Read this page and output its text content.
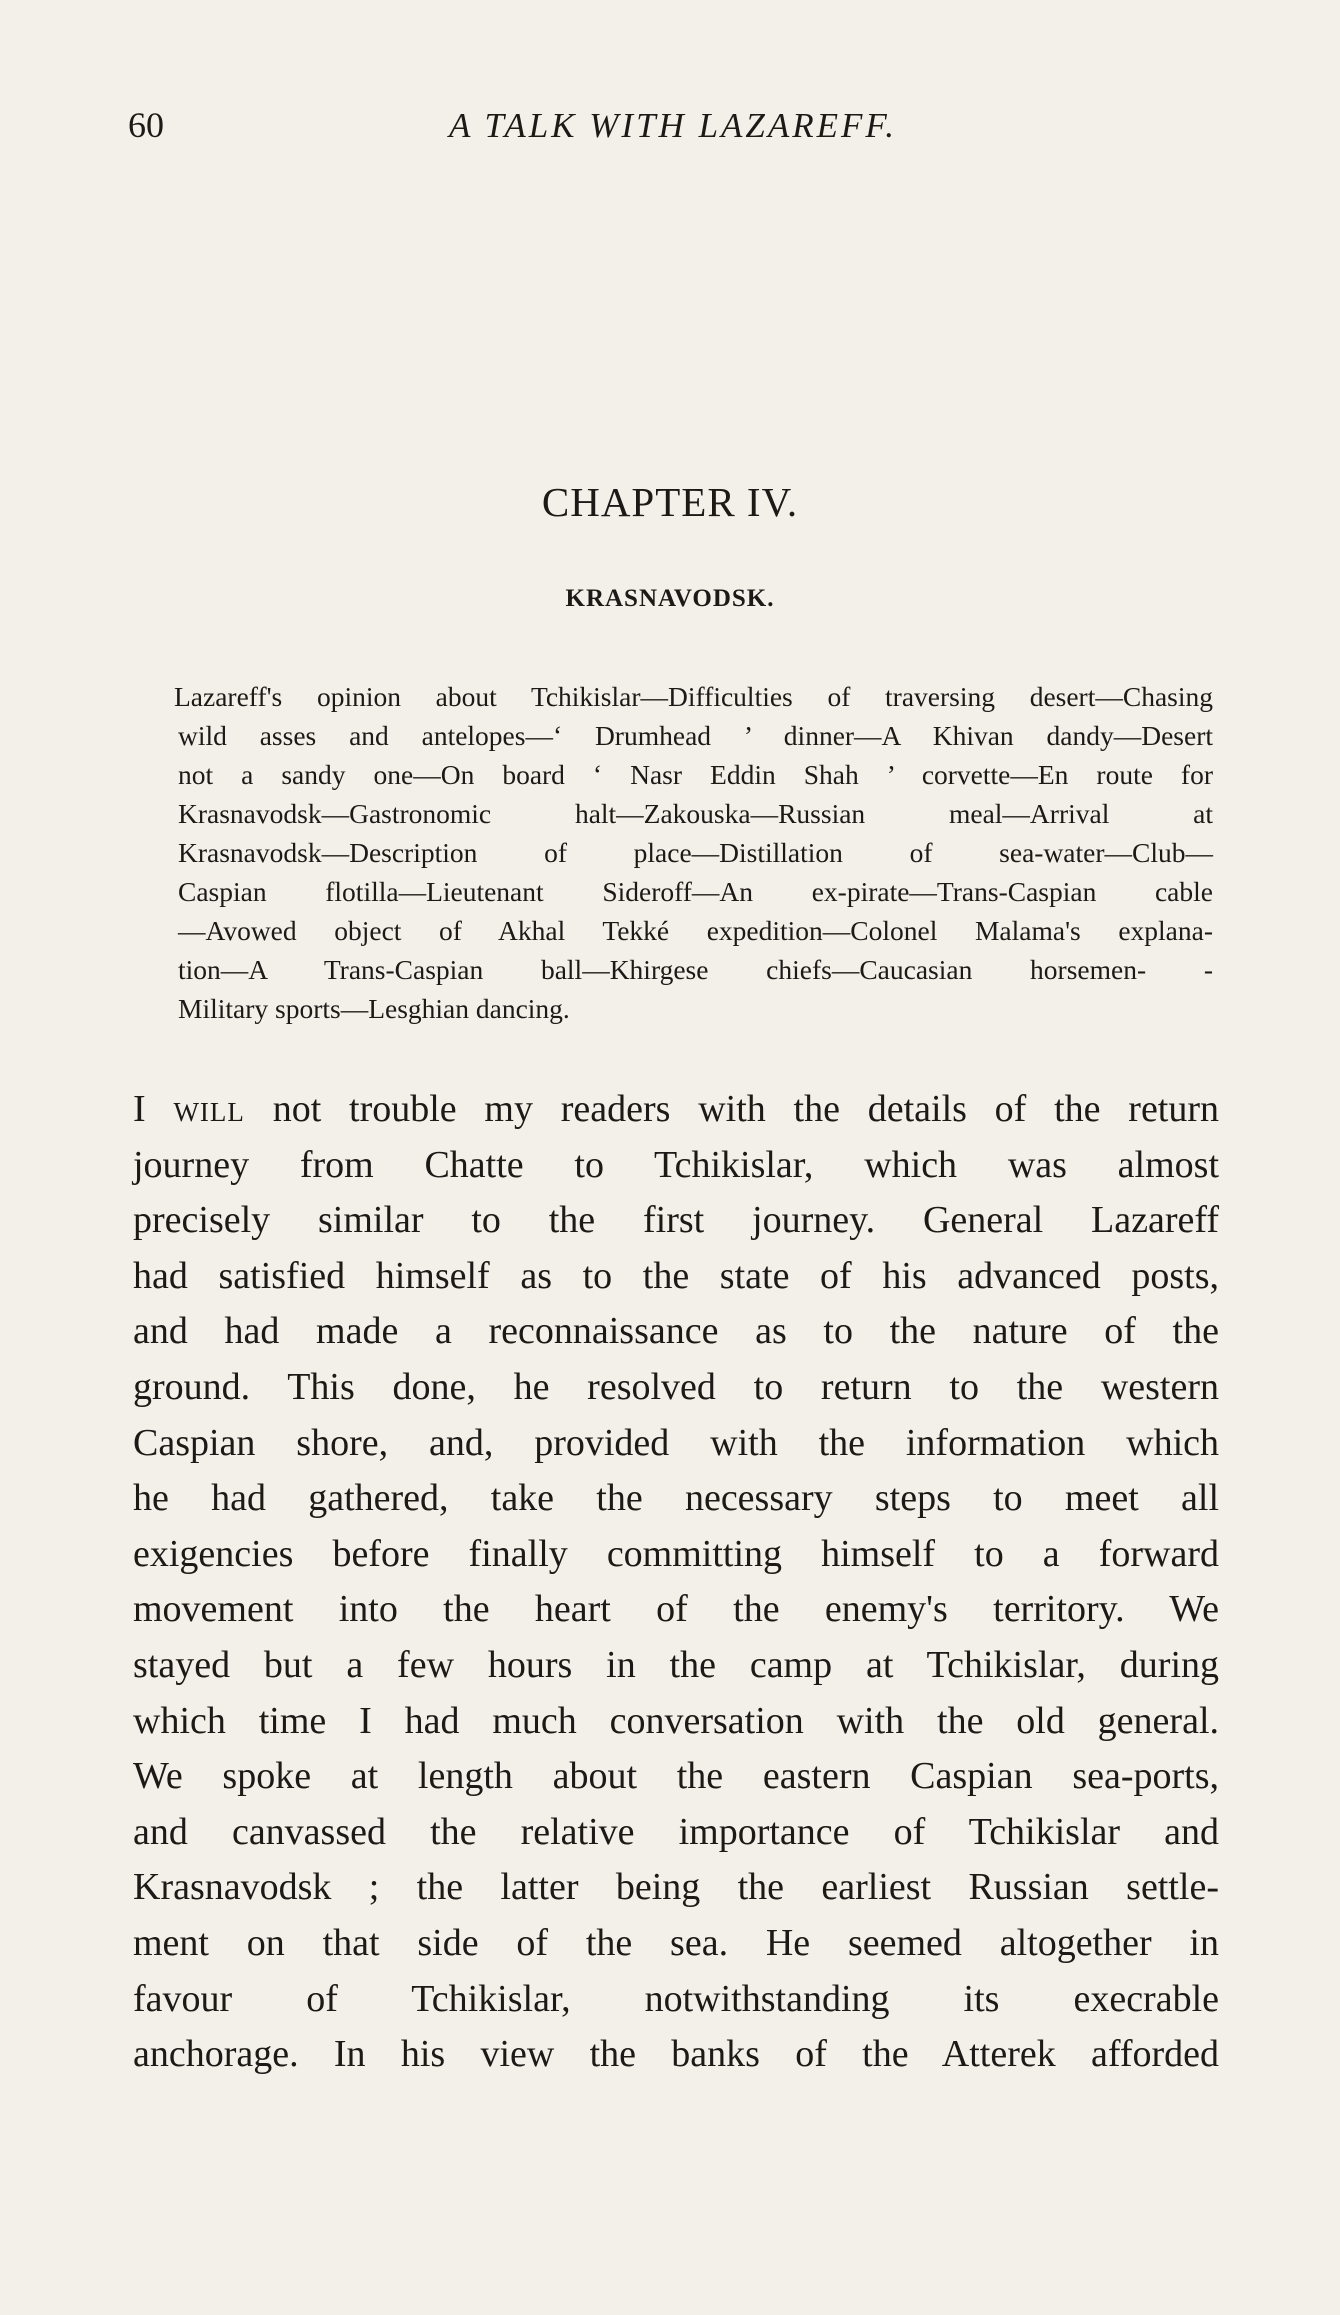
60	A TALK WITH LAZAREFF.
CHAPTER IV.
KRASNAVODSK.
Lazareff's opinion about Tchikislar—Difficulties of traversing desert—Chasing
wild asses and antelopes—‘ Drumhead ’ dinner—A Khivan dandy—Desert
not a sandy one—On board ‘ Nasr Eddin Shah ’ corvette—En route for
Krasnavodsk—Gastronomic halt—Zakouska—Russian meal—Arrival at
Krasnavodsk—Description of place—Distillation of sea-water—Club—
Caspian flotilla—Lieutenant Sideroff—An ex-pirate—Trans-Caspian cable
—Avowed object of Akhal Tekké expedition—Colonel Malama's explana-
tion—A Trans-Caspian ball—Khirgese chiefs—Caucasian horsemen- -
Military sports—Lesghian dancing.
I will not trouble my readers with the details of the return
journey from Chatte to Tchikislar, which was almost
precisely similar to the first journey. General Lazareff
had satisfied himself as to the state of his advanced posts,
and had made a reconnaissance as to the nature of the
ground. This done, he resolved to return to the western
Caspian shore, and, provided with the information which
he had gathered, take the necessary steps to meet all
exigencies before finally committing himself to a forward
movement into the heart of the enemy's territory. We
stayed but a few hours in the camp at Tchikislar, during
which time I had much conversation with the old general.
We spoke at length about the eastern Caspian sea-ports,
and canvassed the relative importance of Tchikislar and
Krasnavodsk ; the latter being the earliest Russian settle-
ment on that side of the sea. He seemed altogether in
favour of Tchikislar, notwithstanding its execrable
anchorage. In his view the banks of the Atterek afforded
